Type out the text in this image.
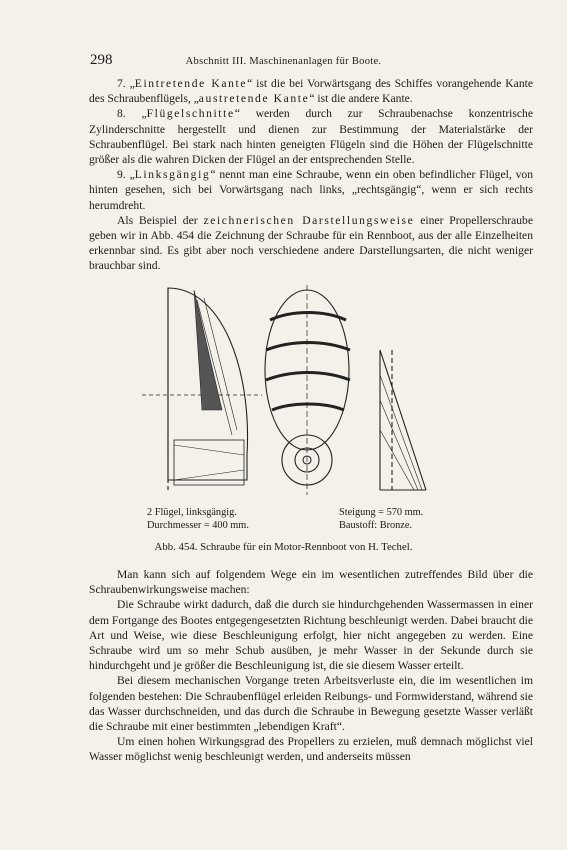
298	Abschnitt III. Maschinenanlagen für Boote.

7. „Eintretende Kante“ ist die bei Vorwärtsgang des Schiffes vorangehende Kante des Schraubenflügels, „austretende Kante“ ist die andere Kante.

8. „Flügelschnitte“ werden durch zur Schraubenachse konzentrische Zylinderschnitte hergestellt und dienen zur Bestimmung der Materialstärke der Schraubenflügel. Bei stark nach hinten geneigten Flügeln sind die Höhen der Flügelschnitte größer als die wahren Dicken der Flügel an der entsprechenden Stelle.

9. „Linksgängig“ nennt man eine Schraube, wenn ein oben befindlicher Flügel, von hinten gesehen, sich bei Vorwärtsgang nach links, „rechtsgängig“, wenn er sich rechts herumdreht.

Als Beispiel der zeichnerischen Darstellungsweise einer Propellerschraube geben wir in Abb. 454 die Zeichnung der Schraube für ein Rennboot, aus der alle Einzelheiten erkennbar sind. Es gibt aber noch verschiedene andere Darstellungsarten, die nicht weniger brauchbar sind.

2 Flügel, linksgängig.
Durchmesser = 400 mm.
Steigung = 570 mm.
Baustoff: Bronze.
Abb. 454. Schraube für ein Motor-Rennboot von H. Techel.

Man kann sich auf folgendem Wege ein im wesentlichen zutreffendes Bild über die Schraubenwirkungsweise machen:

Die Schraube wirkt dadurch, daß die durch sie hindurchgehenden Wassermassen in einer dem Fortgange des Bootes entgegengesetzten Richtung beschleunigt werden. Dabei braucht die Art und Weise, wie diese Beschleunigung erfolgt, hier nicht angegeben zu werden. Eine Schraube wird um so mehr Schub ausüben, je mehr Wasser in der Sekunde durch sie hindurchgeht und je größer die Beschleunigung ist, die sie diesem Wasser erteilt.

Bei diesem mechanischen Vorgange treten Arbeitsverluste ein, die im wesentlichen im folgenden bestehen: Die Schraubenflügel erleiden Reibungs- und Formwiderstand, während sie das Wasser durchschneiden, und das durch die Schraube in Bewegung gesetzte Wasser verläßt die Schraube mit einer bestimmten „lebendigen Kraft“.

Um einen hohen Wirkungsgrad des Propellers zu erzielen, muß demnach möglichst viel Wasser möglichst wenig beschleunigt werden, und anderseits müssen
